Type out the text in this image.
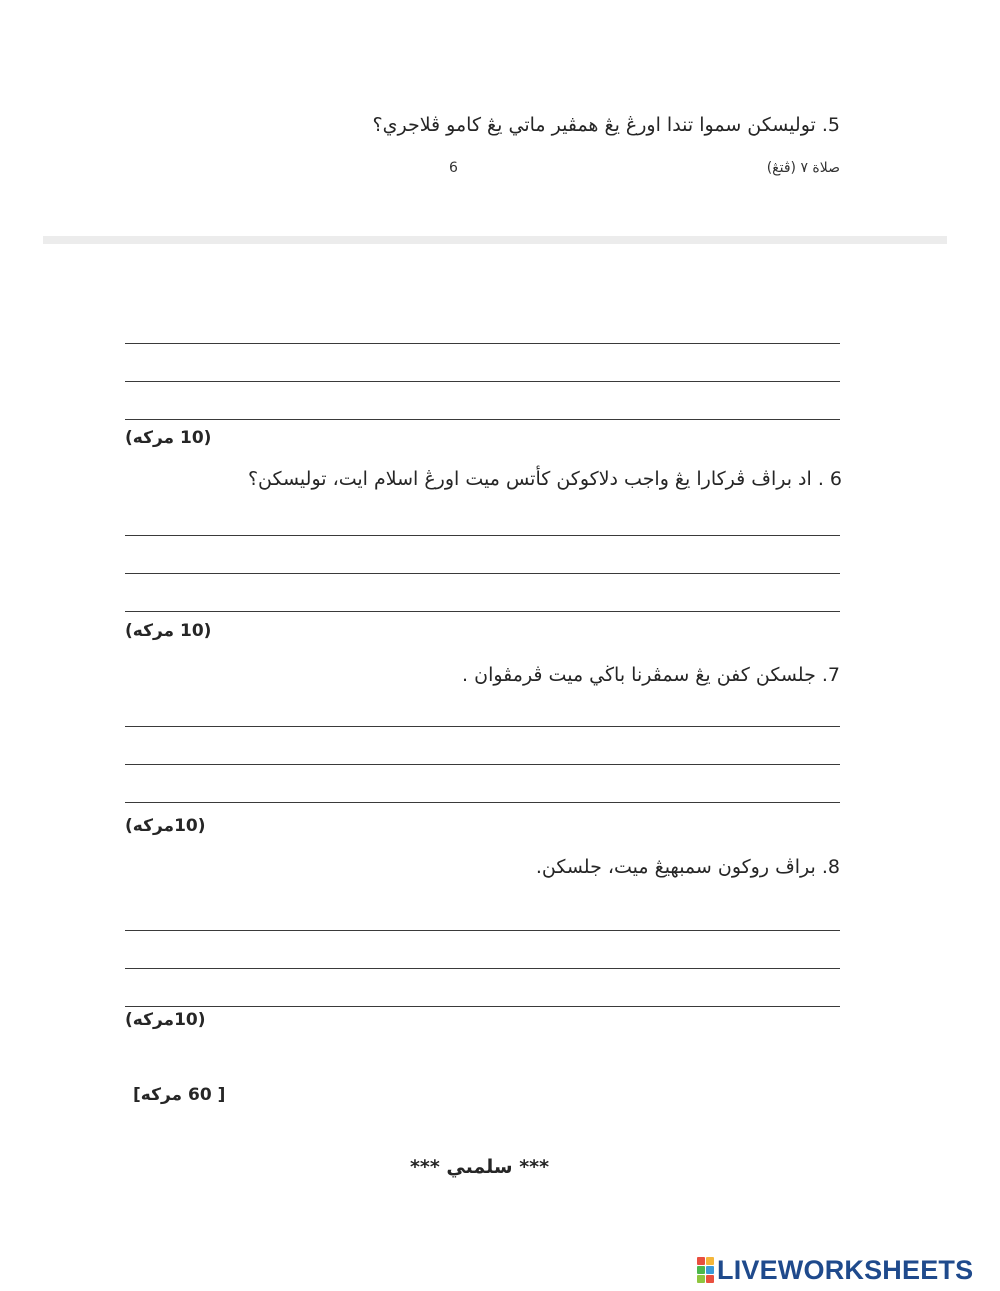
5. توليسكن سموا تندا اورڠ يڠ همڤير ماتي يڠ كامو ڤلاجري؟
صلاة ٧ (ڤتڠ)
6
(10 مركه)
6 . اد براڤ ڤركارا يڠ واجب دلاكوكن كأتس ميت اورڠ اسلام ايت، توليسكن؟
(10 مركه)
7. جلسكن كفن يڠ سمڤرنا باڬي ميت ڤرمڤوان .
(10مركه)
8. براڤ روكون سمبهيڠ ميت، جلسكن.
(10مركه)
[ 60 مركه]
*** سلمىي ***
LIVEWORKSHEETS
